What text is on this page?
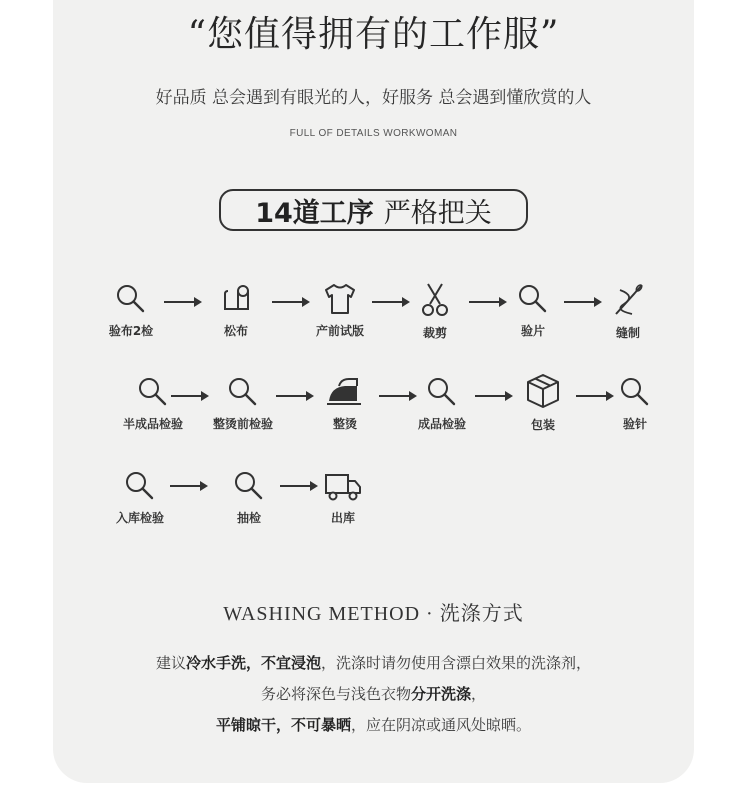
“您值得拥有的工作服”
好品质 总会遇到有眼光的人，好服务 总会遇到懂欣赏的人
FULL OF DETAILS WORKWOMAN
14道工序 严格把关
验布2检	松布	产前试版	裁剪	验片	缝制
半成品检验	整烫前检验	整烫	成品检验	包装	验针
入库检验	抽检	出库
WASHING METHOD · 洗涤方式
建议冷水手洗，不宜浸泡，洗涤时请勿使用含漂白效果的洗涤剂，
务必将深色与浅色衣物分开洗涤，
平铺晾干，不可暴晒，应在阴凉或通风处晾晒。
